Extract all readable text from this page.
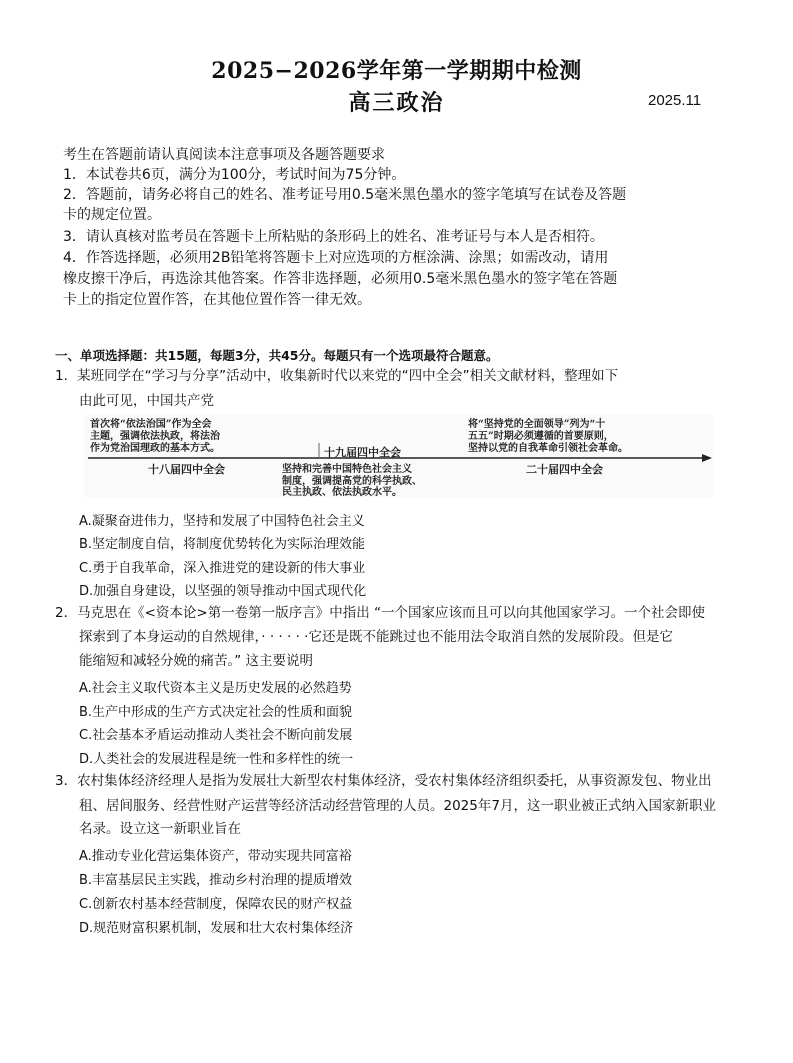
2025−2026学年第一学期期中检测
高三政治	2025.11
考生在答题前请认真阅读本注意事项及各题答题要求
1．本试卷共6页，满分为100分，考试时间为75分钟。
2．答题前，请务必将自己的姓名、准考证号用0.5毫米黑色墨水的签字笔填写在试卷及答题
卡的规定位置。
3．请认真核对监考员在答题卡上所粘贴的条形码上的姓名、准考证号与本人是否相符。
4．作答选择题，必须用2B铅笔将答题卡上对应选项的方框涂满、涂黑；如需改动，请用
橡皮擦干净后，再选涂其他答案。作答非选择题，必须用0.5毫米黑色墨水的签字笔在答题
卡上的指定位置作答，在其他位置作答一律无效。
一、单项选择题：共15题，每题3分，共45分。每题只有一个选项最符合题意。
1．某班同学在“学习与分享”活动中，收集新时代以来党的“四中全会”相关文献材料，整理如下
由此可见，中国共产党
首次将“依法治国”作为全会
主题，强调依法执政，将法治
作为党治国理政的基本方式。
十八届四中全会
十九届四中全会
坚持和完善中国特色社会主义
制度，强调提高党的科学执政、
民主执政、依法执政水平。
将“坚持党的全面领导”列为“十
五五”时期必须遵循的首要原则，
坚持以党的自我革命引领社会革命。
二十届四中全会
A.凝聚奋进伟力，坚持和发展了中国特色社会主义
B.坚定制度自信，将制度优势转化为实际治理效能
C.勇于自我革命，深入推进党的建设新的伟大事业
D.加强自身建设，以坚强的领导推动中国式现代化
2．马克思在《<资本论>第一卷第一版序言》中指出 “一个国家应该而且可以向其他国家学习。一个社会即使
探索到了本身运动的自然规律，· · · · · ·它还是既不能跳过也不能用法令取消自然的发展阶段。但是它
能缩短和减轻分娩的痛苦。” 这主要说明
A.社会主义取代资本主义是历史发展的必然趋势
B.生产中形成的生产方式决定社会的性质和面貌
C.社会基本矛盾运动推动人类社会不断向前发展
D.人类社会的发展进程是统一性和多样性的统一
3．农村集体经济经理人是指为发展壮大新型农村集体经济，受农村集体经济组织委托，从事资源发包、物业出
租、居间服务、经营性财产运营等经济活动经营管理的人员。2025年7月，这一职业被正式纳入国家新职业
名录。设立这一新职业旨在
A.推动专业化营运集体资产，带动实现共同富裕
B.丰富基层民主实践，推动乡村治理的提质增效
C.创新农村基本经营制度，保障农民的财产权益
D.规范财富积累机制，发展和壮大农村集体经济
